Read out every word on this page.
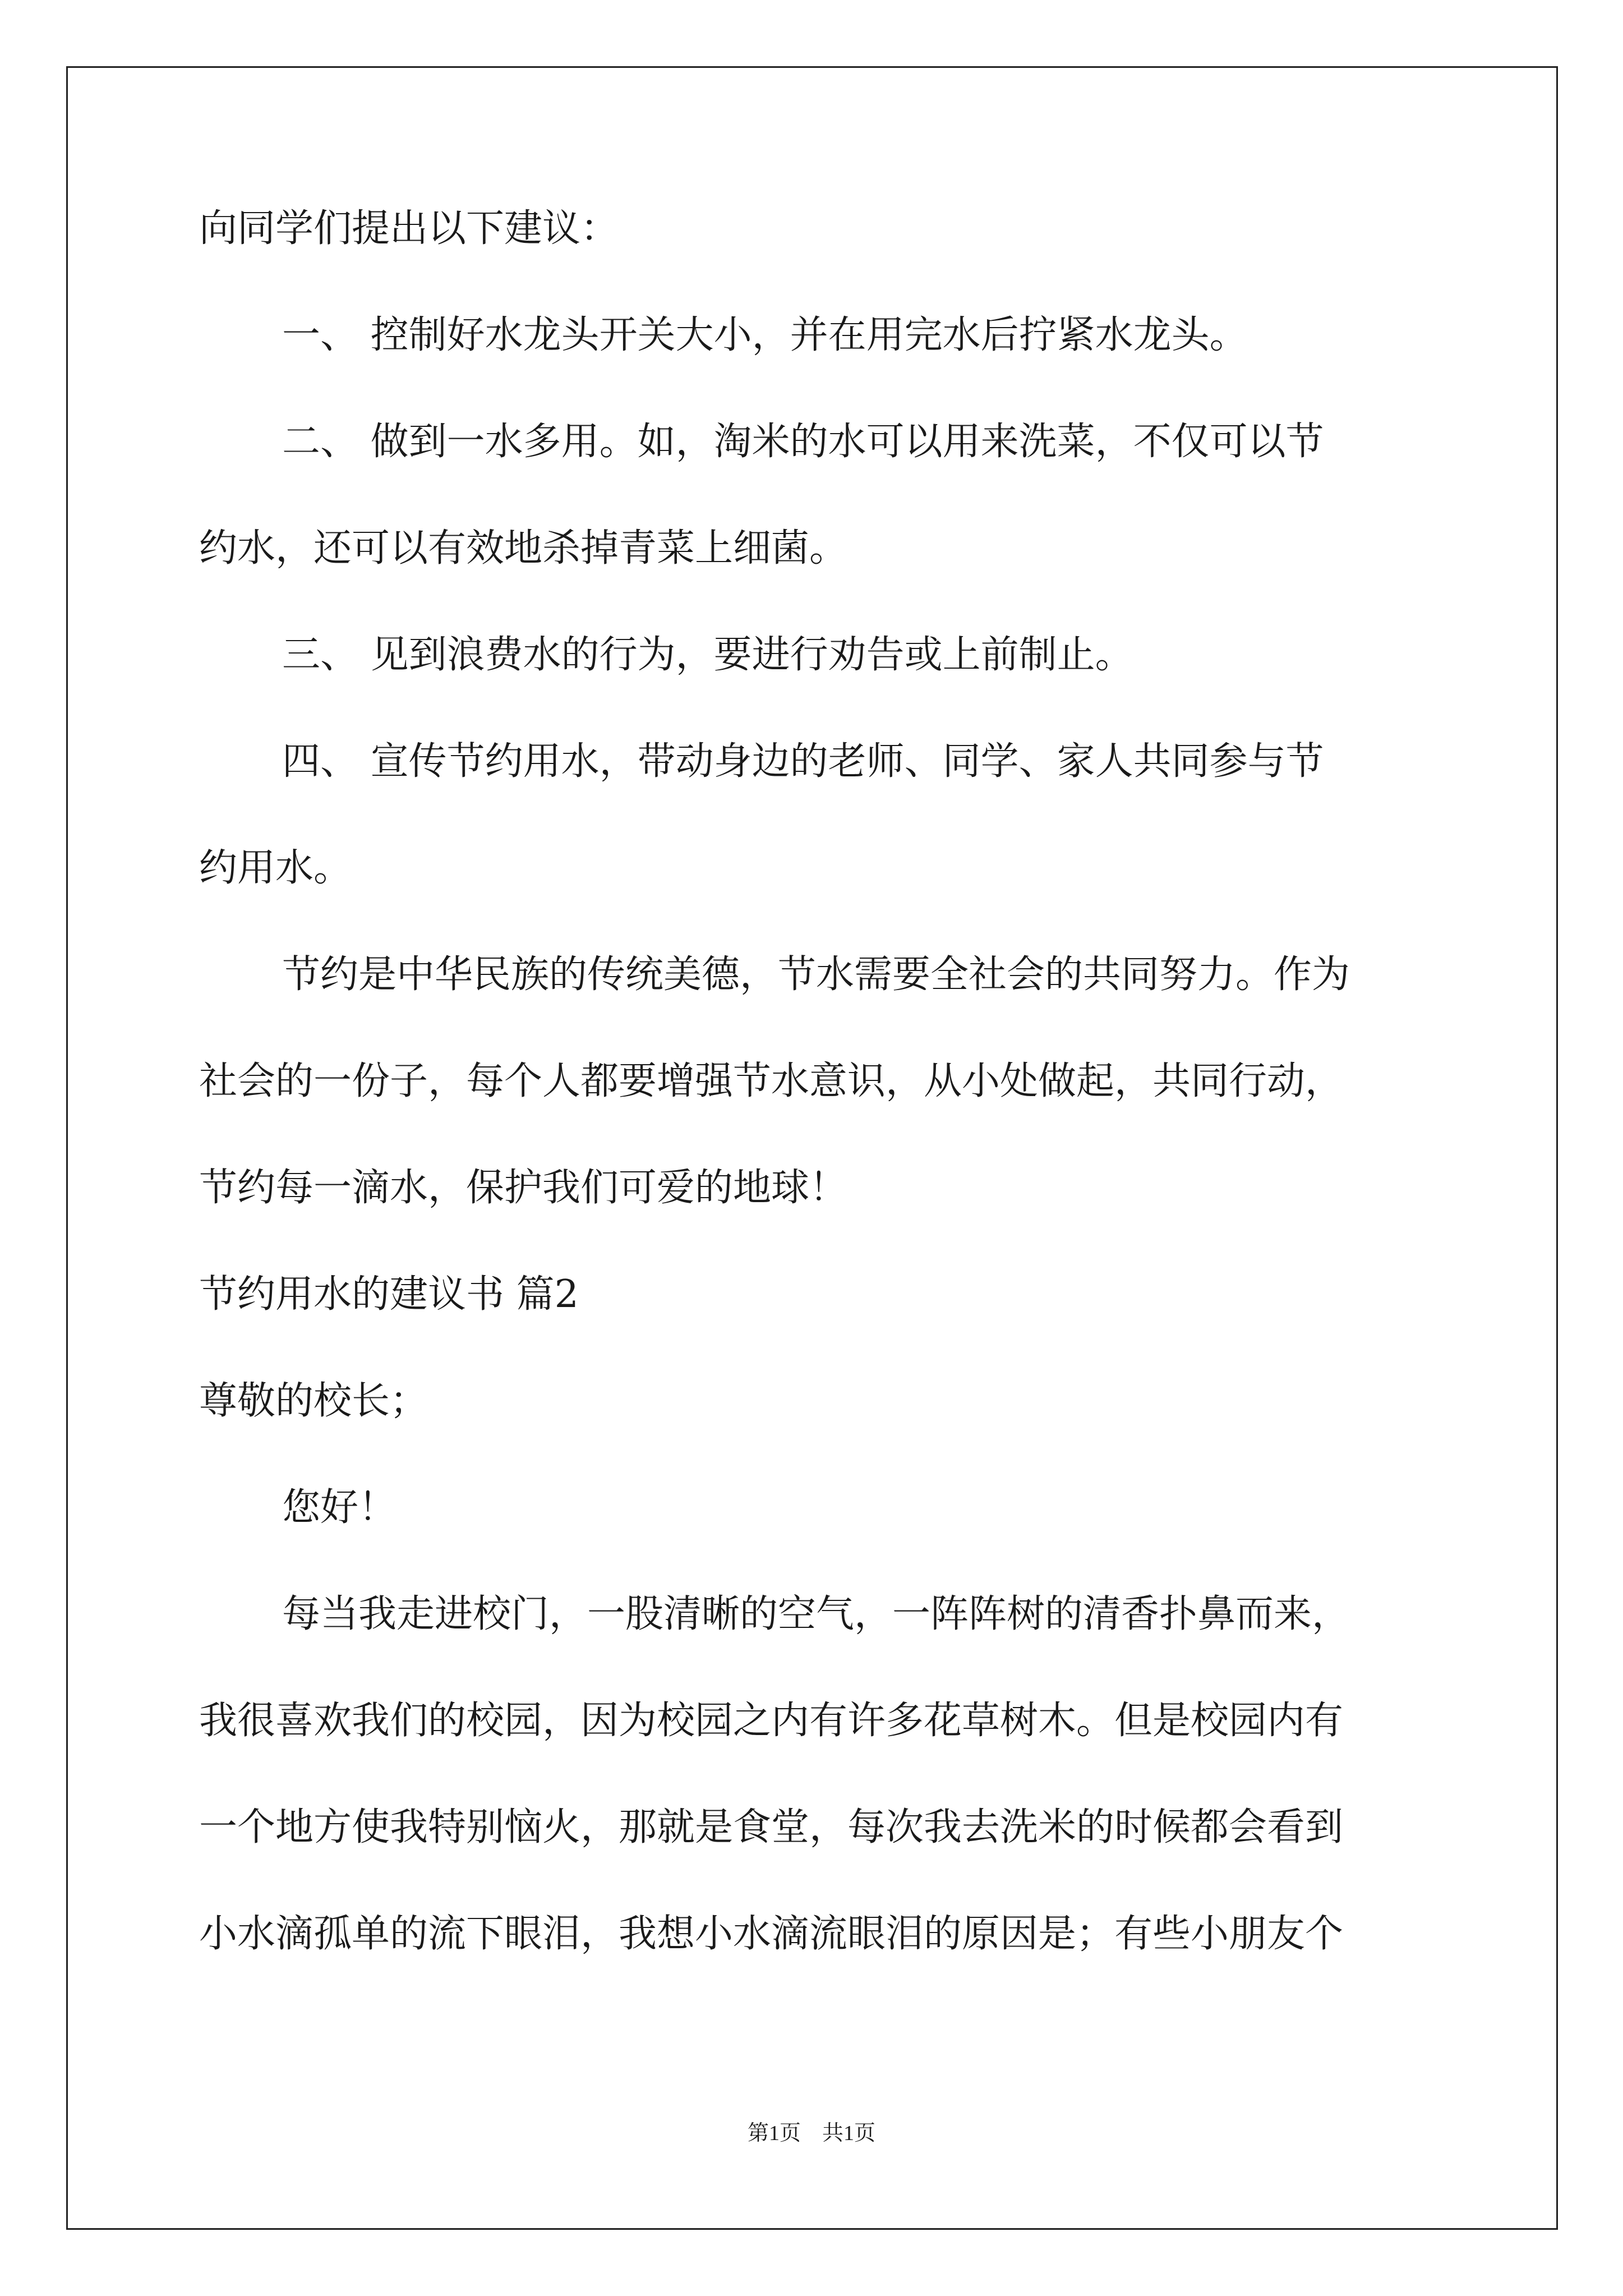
向同学们提出以下建议：
一、 控制好水龙头开关大小，并在用完水后拧紧水龙头。
二、 做到一水多用。如，淘米的水可以用来洗菜，不仅可以节
约水，还可以有效地杀掉青菜上细菌。
三、 见到浪费水的行为，要进行劝告或上前制止。
四、 宣传节约用水，带动身边的老师、同学、家人共同参与节
约用水。
节约是中华民族的传统美德，节水需要全社会的共同努力。作为
社会的一份子，每个人都要增强节水意识，从小处做起，共同行动，
节约每一滴水，保护我们可爱的地球！
节约用水的建议书 篇2
尊敬的校长；
您好！
每当我走进校门，一股清晰的空气，一阵阵树的清香扑鼻而来，
我很喜欢我们的校园，因为校园之内有许多花草树木。但是校园内有
一个地方使我特别恼火，那就是食堂，每次我去洗米的时候都会看到
小水滴孤单的流下眼泪，我想小水滴流眼泪的原因是；有些小朋友个
第1页　共1页
